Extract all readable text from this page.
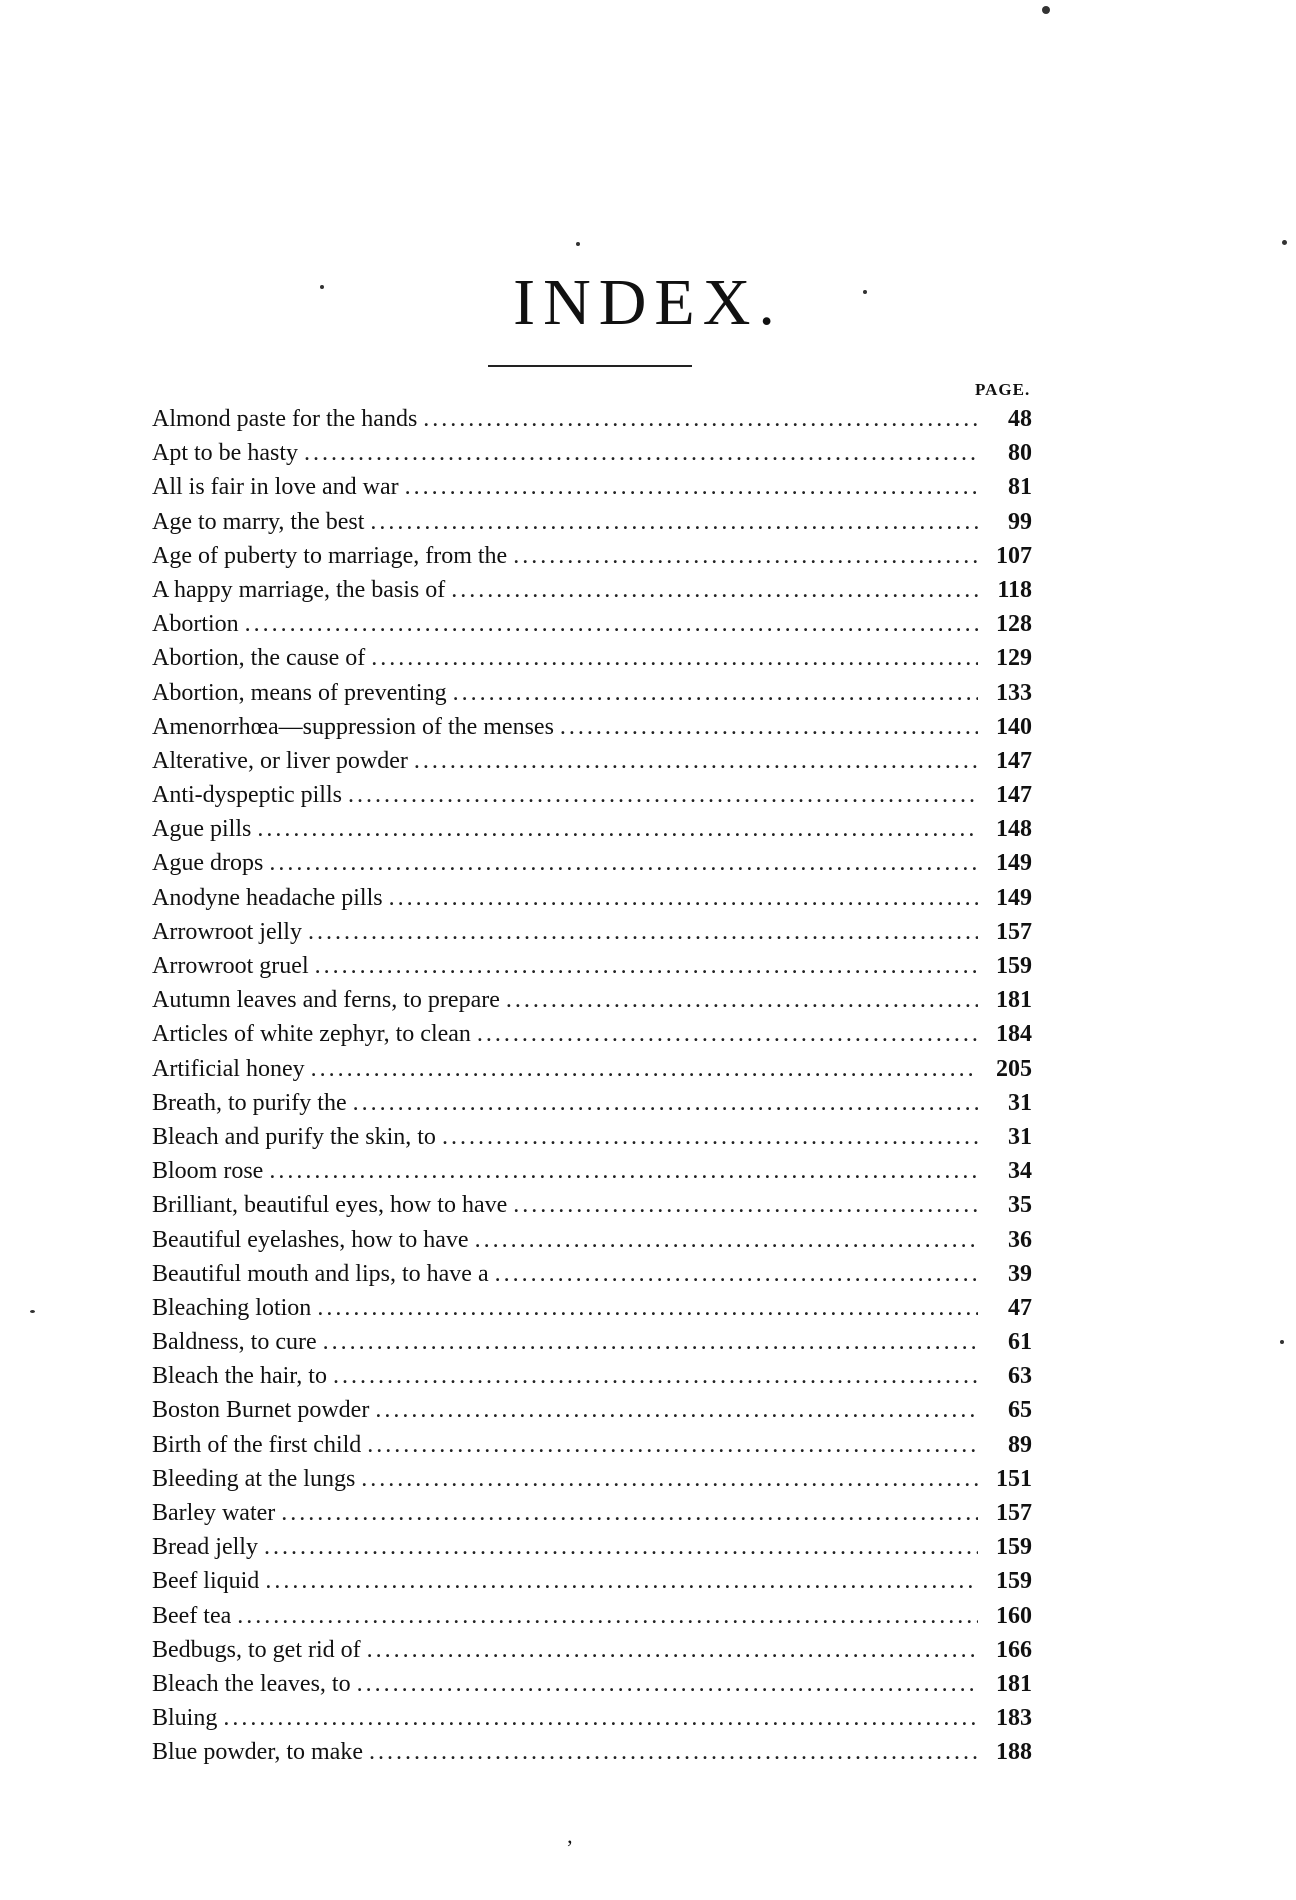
INDEX.
PAGE.
Almond paste for the hands .....	48
Apt to be hasty .....	80
All is fair in love and war .....	81
Age to marry, the best .....	99
Age of puberty to marriage, from the .....	107
A happy marriage, the basis of .....	118
Abortion .....	128
Abortion, the cause of .....	129
Abortion, means of preventing .....	133
Amenorrhœa—suppression of the menses .....	140
Alterative, or liver powder .....	147
Anti-dyspeptic pills .....	147
Ague pills .....	148
Ague drops .....	149
Anodyne headache pills .....	149
Arrowroot jelly .....	157
Arrowroot gruel .....	159
Autumn leaves and ferns, to prepare .....	181
Articles of white zephyr, to clean .....	184
Artificial honey .....	205
Breath, to purify the .....	31
Bleach and purify the skin, to .....	31
Bloom rose .....	34
Brilliant, beautiful eyes, how to have .....	35
Beautiful eyelashes, how to have .....	36
Beautiful mouth and lips, to have a .....	39
Bleaching lotion .....	47
Baldness, to cure .....	61
Bleach the hair, to .....	63
Boston Burnet powder .....	65
Birth of the first child .....	89
Bleeding at the lungs .....	151
Barley water .....	157
Bread jelly .....	159
Beef liquid .....	159
Beef tea .....	160
Bedbugs, to get rid of .....	166
Bleach the leaves, to .....	181
Bluing .....	183
Blue powder, to make .....	188
’
